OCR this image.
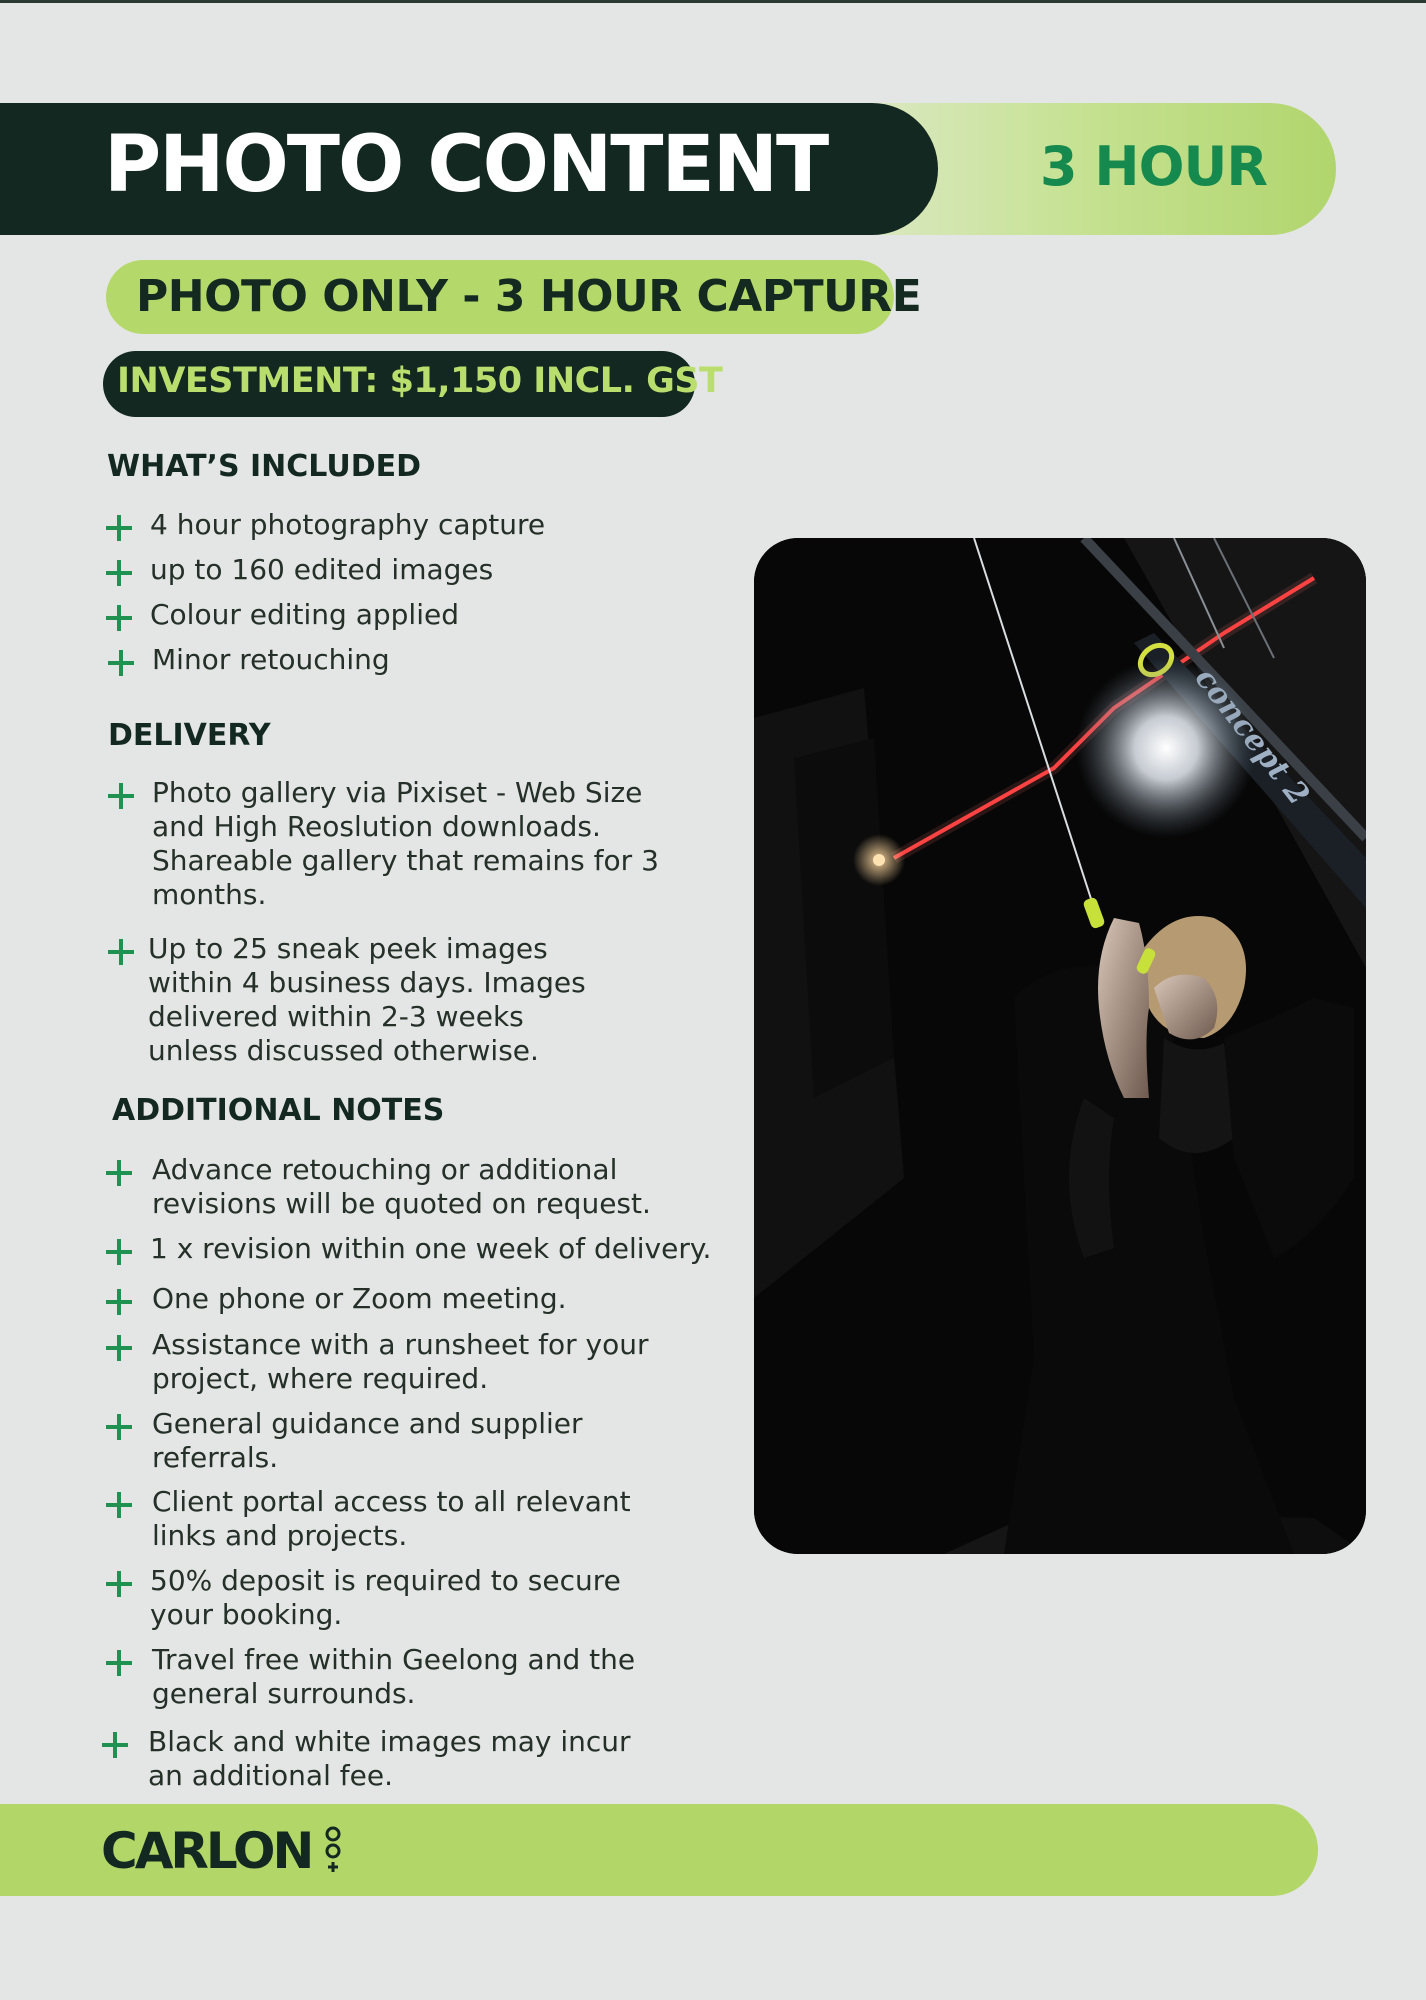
3 HOUR
PHOTO CONTENT
PHOTO ONLY - 3 HOUR CAPTURE
INVESTMENT: $1,150 INCL. GST
WHAT’S INCLUDED
4 hour photography capture
up to 160 edited images
Colour editing applied
Minor retouching
DELIVERY
Photo gallery via Pixiset - Web Size
and High Reoslution downloads.
Shareable gallery that remains for 3
months.
Up to 25 sneak peek images
within 4 business days. Images
delivered within 2-3 weeks
unless discussed otherwise.
ADDITIONAL NOTES
Advance retouching or additional
revisions will be quoted on request.
1 x revision within one week of delivery.
One phone or Zoom meeting.
Assistance with a runsheet for your
project, where required.
General guidance and supplier
referrals.
Client portal access to all relevant
links and projects.
50% deposit is required to secure
your booking.
Travel free within Geelong and the
general surrounds.
Black and white images may incur
an additional fee.
2
CARLON
